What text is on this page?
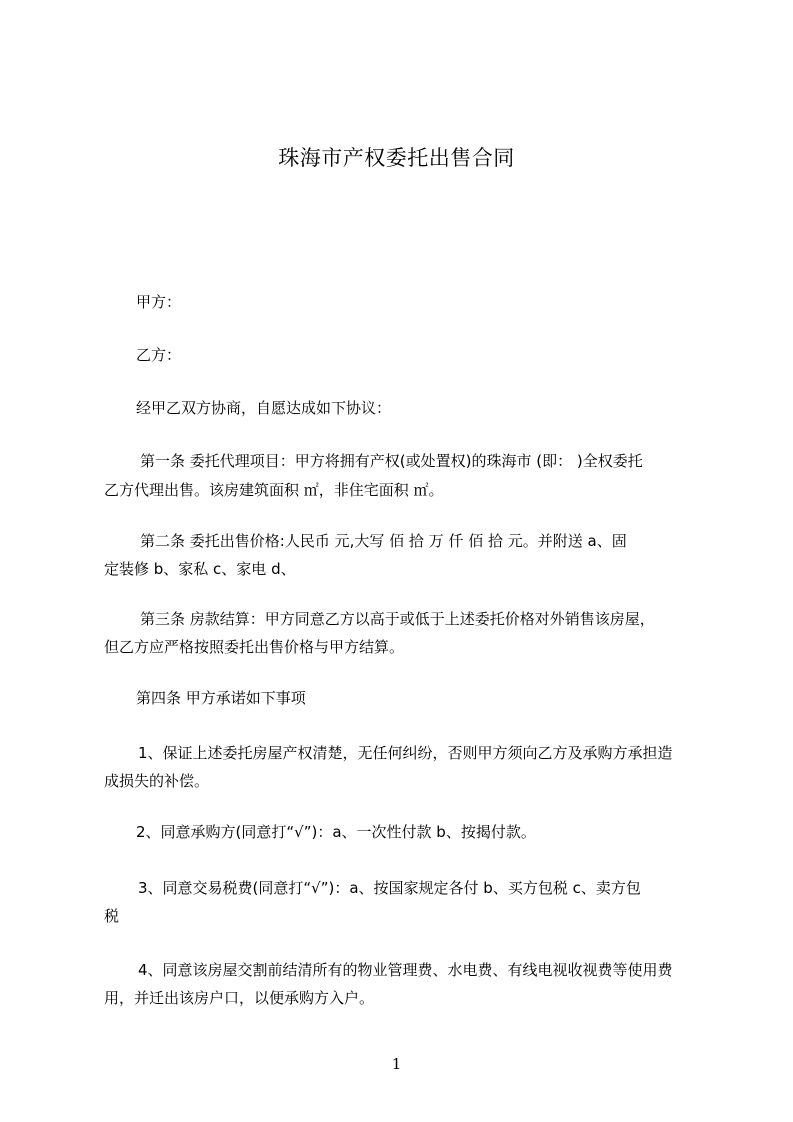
珠海市产权委托出售合同
甲方：
乙方：
经甲乙双方协商，自愿达成如下协议：
第一条 委托代理项目：甲方将拥有产权(或处置权)的珠海市 (即： )全权委托
乙方代理出售。该房建筑面积 ㎡，非住宅面积 ㎡。
第二条 委托出售价格:人民币 元,大写 佰 拾 万 仟 佰 拾 元。并附送 a、固
定装修 b、家私 c、家电 d、
第三条 房款结算：甲方同意乙方以高于或低于上述委托价格对外销售该房屋，
但乙方应严格按照委托出售价格与甲方结算。
第四条 甲方承诺如下事项
1、保证上述委托房屋产权清楚，无任何纠纷，否则甲方须向乙方及承购方承担造
成损失的补偿。
2、同意承购方(同意打“√”)：a、一次性付款 b、按揭付款。
3、同意交易税费(同意打“√”)：a、按国家规定各付 b、买方包税 c、卖方包
税
4、同意该房屋交割前结清所有的物业管理费、水电费、有线电视收视费等使用费
用，并迁出该房户口，以便承购方入户。
1
